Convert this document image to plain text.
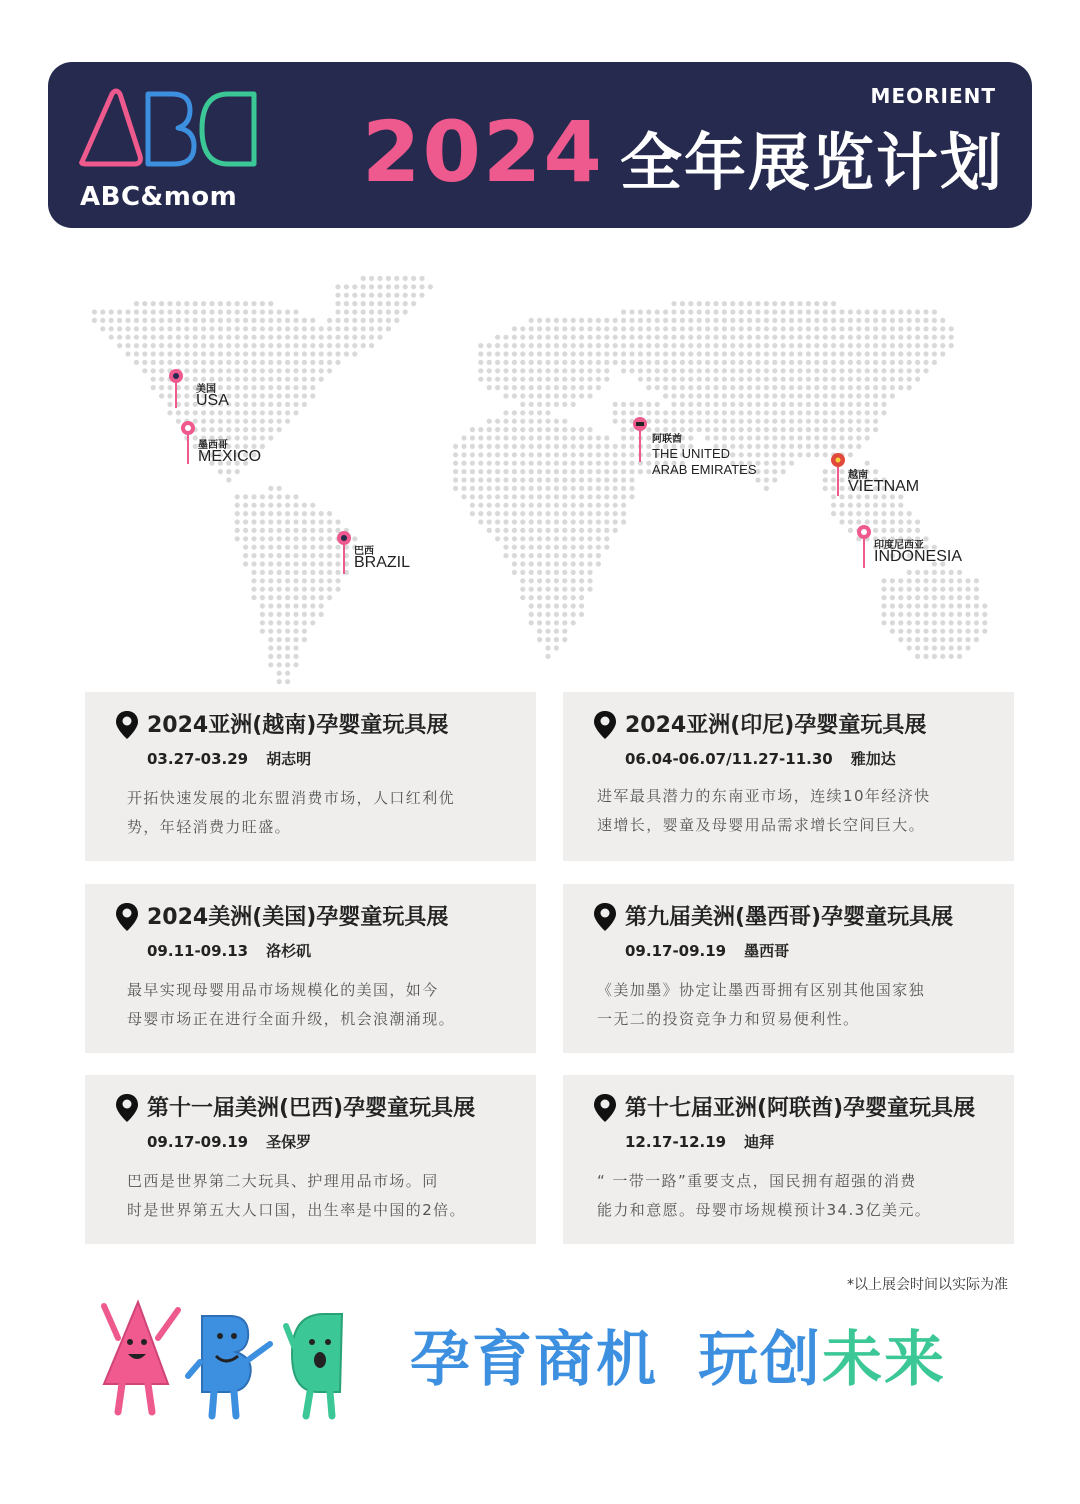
ABC&mom
MEORIENT
2024 全年展览计划
美国
USA
墨西哥
MEXICO
巴西
BRAZIL
阿联酋
THE UNITED
ARAB EMIRATES	越南
VIETNAM
印度尼西亚
INDONESIA
2024亚洲(越南)孕婴童玩具展
03.27-03.29 胡志明
开拓快速发展的北东盟消费市场，人口红利优
势，年轻消费力旺盛。
2024亚洲(印尼)孕婴童玩具展
06.04-06.07/11.27-11.30 雅加达
进军最具潜力的东南亚市场，连续10年经济快
速增长，婴童及母婴用品需求增长空间巨大。
2024美洲(美国)孕婴童玩具展
09.11-09.13 洛杉矶
最早实现母婴用品市场规模化的美国，如今
母婴市场正在进行全面升级，机会浪潮涌现。
第九届美洲(墨西哥)孕婴童玩具展
09.17-09.19 墨西哥
《美加墨》协定让墨西哥拥有区别其他国家独
一无二的投资竞争力和贸易便利性。
第十一届美洲(巴西)孕婴童玩具展
09.17-09.19 圣保罗
巴西是世界第二大玩具、护理用品市场。同
时是世界第五大人口国，出生率是中国的2倍。
第十七届亚洲(阿联酋)孕婴童玩具展
12.17-12.19 迪拜
“ 一带一路”重要支点，国民拥有超强的消费
能力和意愿。母婴市场规模预计34.3亿美元。
*以上展会时间以实际为准
孕育商机 玩创未来
